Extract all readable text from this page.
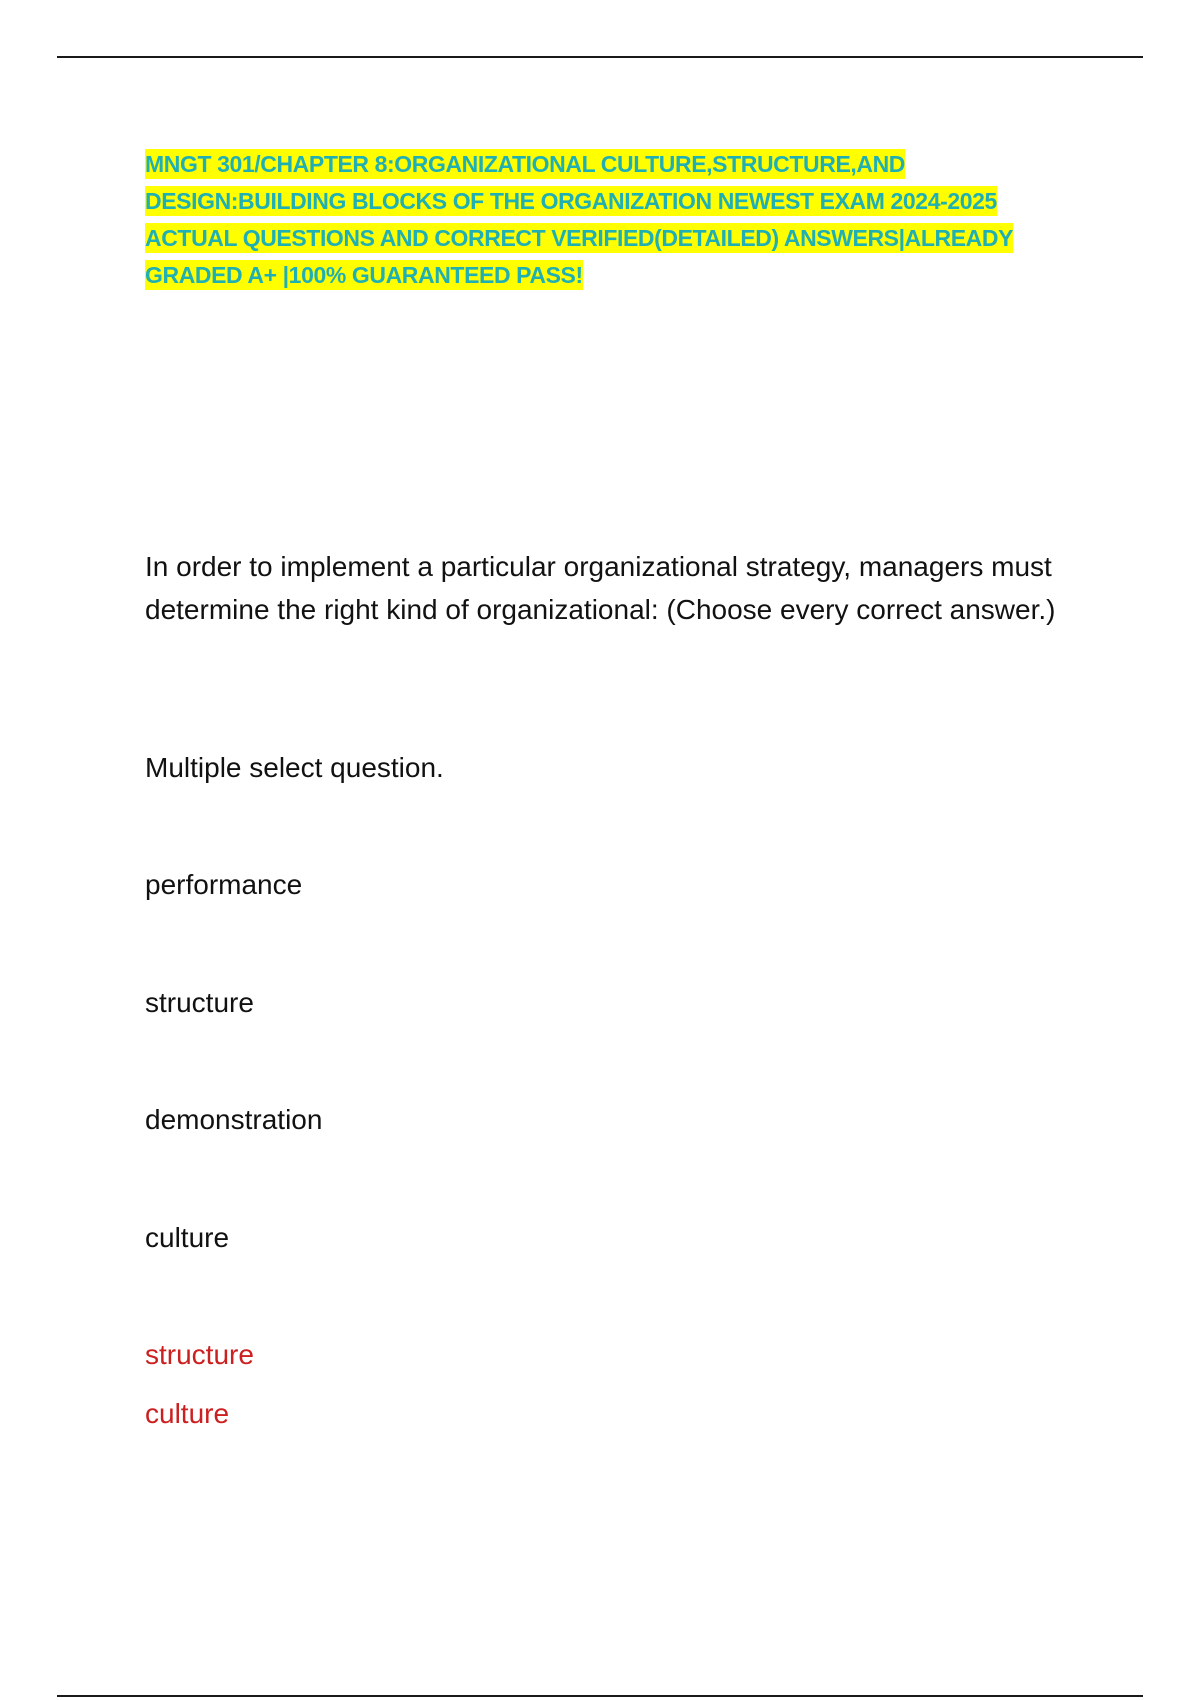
MNGT 301/CHAPTER 8:ORGANIZATIONAL CULTURE,STRUCTURE,AND DESIGN:BUILDING BLOCKS OF THE ORGANIZATION NEWEST EXAM 2024-2025 ACTUAL QUESTIONS AND CORRECT VERIFIED(DETAILED) ANSWERS|ALREADY GRADED A+ |100% GUARANTEED PASS!

In order to implement a particular organizational strategy, managers must determine the right kind of organizational: (Choose every correct answer.)

Multiple select question.

performance

structure

demonstration

culture

structure

culture
